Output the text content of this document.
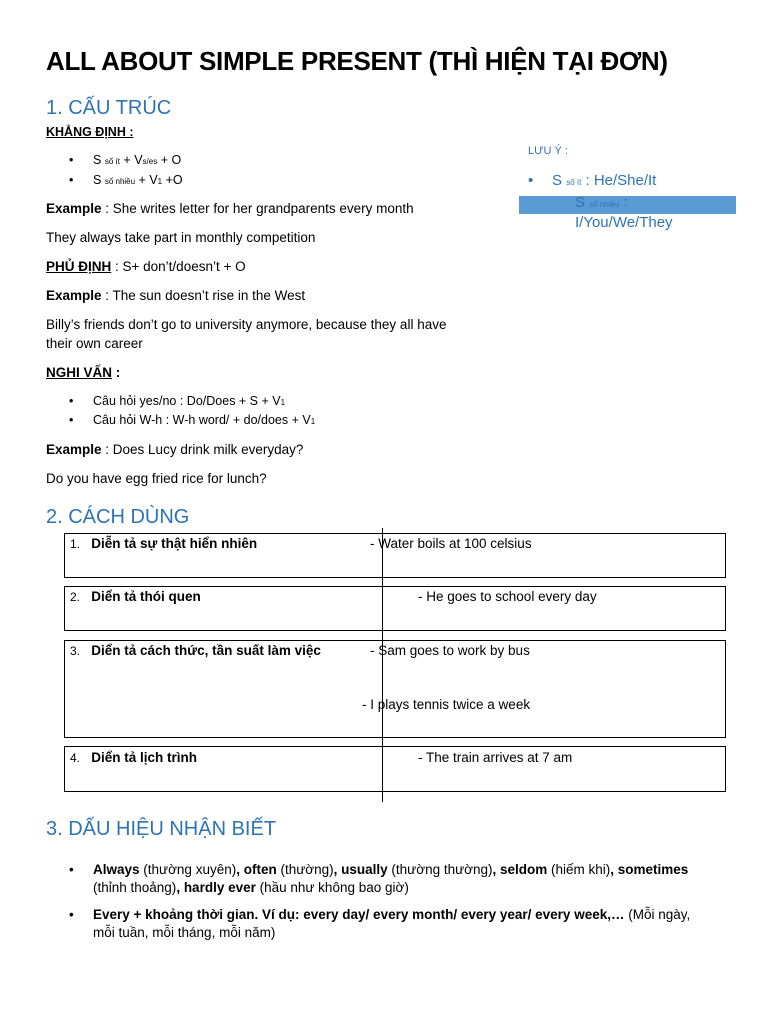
ALL ABOUT SIMPLE PRESENT (THÌ HIỆN TẠI ĐƠN)
1. CẤU TRÚC
KHẲNG ĐỊNH :
• S số ít + Vs/es + O
• S số nhiều + V1 +O
Example : She writes letter for her grandparents every month
They always take part in monthly competition
PHỦ ĐỊNH : S+ don’t/doesn’t + O
Example : The sun doesn’t rise in the West
Billy’s friends don’t go to university anymore, because they all have
their own career
NGHI VẤN :
• Câu hỏi yes/no : Do/Does + S + V1
• Câu hỏi W-h : W-h word/ + do/does + V1
Example : Does Lucy drink milk everyday?
Do you have egg fried rice for lunch?
LƯU Ý :
• S số ít : He/She/It
S số nhiều :
I/You/We/They
2. CÁCH DÙNG
1. Diễn tả sự thật hiển nhiên	- Water boils at 100 celsius
2. Diển tả thói quen	- He goes to school every day
3. Diển tả cách thức, tần suất làm việc	- Sam goes to work by bus
- I plays tennis twice a week
4. Diển tả lịch trình	- The train arrives at 7 am
3. DẤU HIỆU NHẬN BIẾT
• Always (thường xuyên), often (thường), usually (thường thường), seldom (hiếm khi), sometimes
(thỉnh thoảng), hardly ever (hầu như không bao giờ)
• Every + khoảng thời gian. Ví dụ: every day/ every month/ every year/ every week,… (Mỗi ngày,
mỗi tuần, mỗi tháng, mỗi năm)
